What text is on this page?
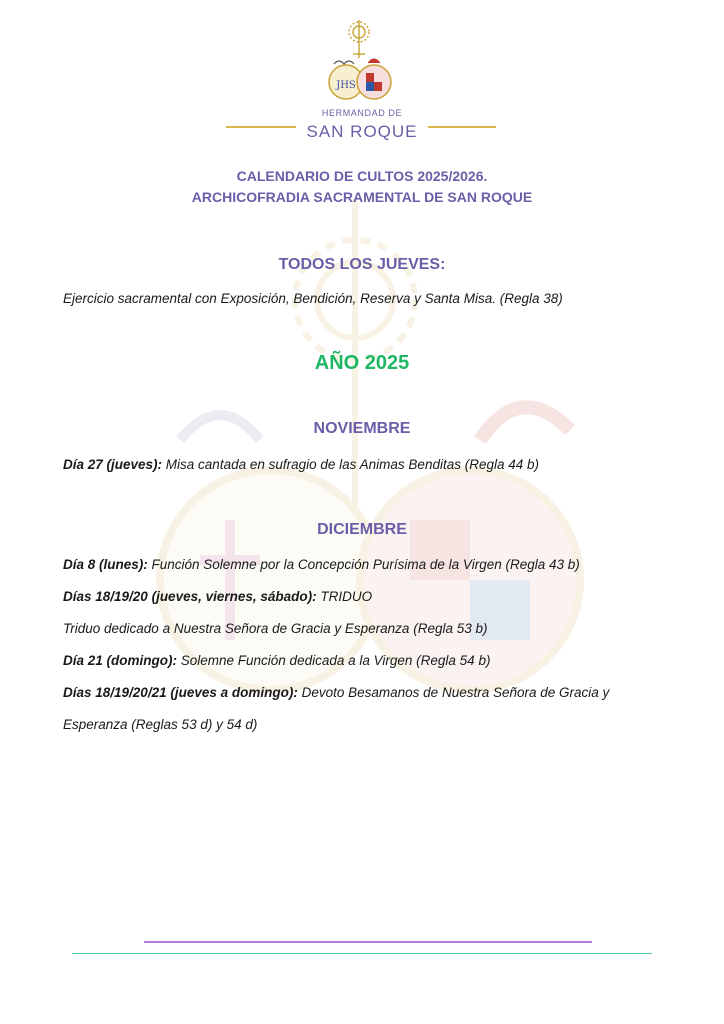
JHS
HERMANDAD DE
SAN ROQUE
CALENDARIO DE CULTOS 2025/2026.
ARCHICOFRADIA SACRAMENTAL DE SAN ROQUE
TODOS LOS JUEVES:
Ejercicio sacramental con Exposición, Bendición, Reserva y Santa Misa. (Regla 38)
AÑO 2025
NOVIEMBRE
Día 27 (jueves): Misa cantada en sufragio de las Animas Benditas (Regla 44 b)
DICIEMBRE
Día 8 (lunes): Función Solemne por la Concepción Purísima de la Virgen (Regla 43 b)
Días 18/19/20 (jueves, viernes, sábado): TRIDUO
Triduo dedicado a Nuestra Señora de Gracia y Esperanza (Regla 53 b)
Día 21 (domingo): Solemne Función dedicada a la Virgen (Regla 54 b)
Días 18/19/20/21 (jueves a domingo): Devoto Besamanos de Nuestra Señora de Gracia y
Esperanza (Reglas 53 d) y 54 d)
